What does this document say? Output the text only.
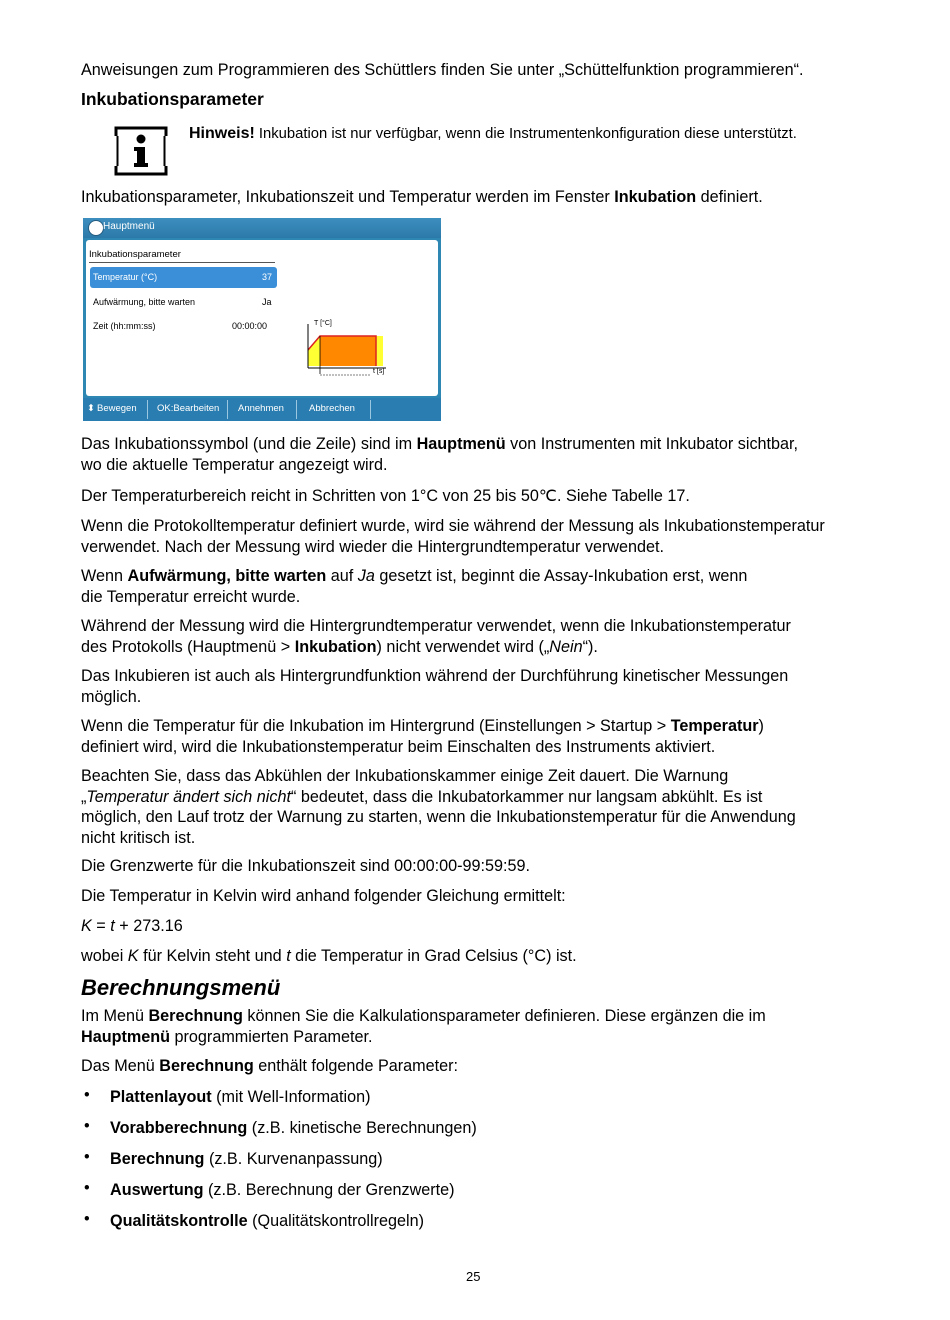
Anweisungen zum Programmieren des Schüttlers finden Sie unter „Schüttelfunktion programmieren“.
Inkubationsparameter
Hinweis! Inkubation ist nur verfügbar, wenn die Instrumentenkonfiguration diese unterstützt.
Inkubationsparameter, Inkubationszeit und Temperatur werden im Fenster Inkubation definiert.
Hauptmenü
Inkubationsparameter
Temperatur (°C)	37
Aufwärmung, bitte warten	Ja
Zeit (hh:mm:ss)	00:00:00	T [°C]
t [s]
⬍ Bewegen OK:Bearbeiten Annehmen	Abbrechen
Das Inkubationssymbol (und die Zeile) sind im Hauptmenü von Instrumenten mit Inkubator sichtbar,
wo die aktuelle Temperatur angezeigt wird.
Der Temperaturbereich reicht in Schritten von 1°C von 25 bis 50℃. Siehe Tabelle 17.
Wenn die Protokolltemperatur definiert wurde, wird sie während der Messung als Inkubationstemperatur
verwendet. Nach der Messung wird wieder die Hintergrundtemperatur verwendet.
Wenn Aufwärmung, bitte warten auf Ja gesetzt ist, beginnt die Assay-Inkubation erst, wenn
die Temperatur erreicht wurde.
Während der Messung wird die Hintergrundtemperatur verwendet, wenn die Inkubationstemperatur
des Protokolls (Hauptmenü > Inkubation) nicht verwendet wird („Nein“).
Das Inkubieren ist auch als Hintergrundfunktion während der Durchführung kinetischer Messungen
möglich.
Wenn die Temperatur für die Inkubation im Hintergrund (Einstellungen > Startup > Temperatur)
definiert wird, wird die Inkubationstemperatur beim Einschalten des Instruments aktiviert.
Beachten Sie, dass das Abkühlen der Inkubationskammer einige Zeit dauert. Die Warnung
„Temperatur ändert sich nicht“ bedeutet, dass die Inkubatorkammer nur langsam abkühlt. Es ist
möglich, den Lauf trotz der Warnung zu starten, wenn die Inkubationstemperatur für die Anwendung
nicht kritisch ist.
Die Grenzwerte für die Inkubationszeit sind 00:00:00-99:59:59.
Die Temperatur in Kelvin wird anhand folgender Gleichung ermittelt:
K = t + 273.16
wobei K für Kelvin steht und t die Temperatur in Grad Celsius (°C) ist.
Berechnungsmenü
Im Menü Berechnung können Sie die Kalkulationsparameter definieren. Diese ergänzen die im
Hauptmenü programmierten Parameter.
Das Menü Berechnung enthält folgende Parameter:
• Plattenlayout (mit Well-Information)
• Vorabberechnung (z.B. kinetische Berechnungen)
• Berechnung (z.B. Kurvenanpassung)
• Auswertung (z.B. Berechnung der Grenzwerte)
• Qualitätskontrolle (Qualitätskontrollregeln)
25
